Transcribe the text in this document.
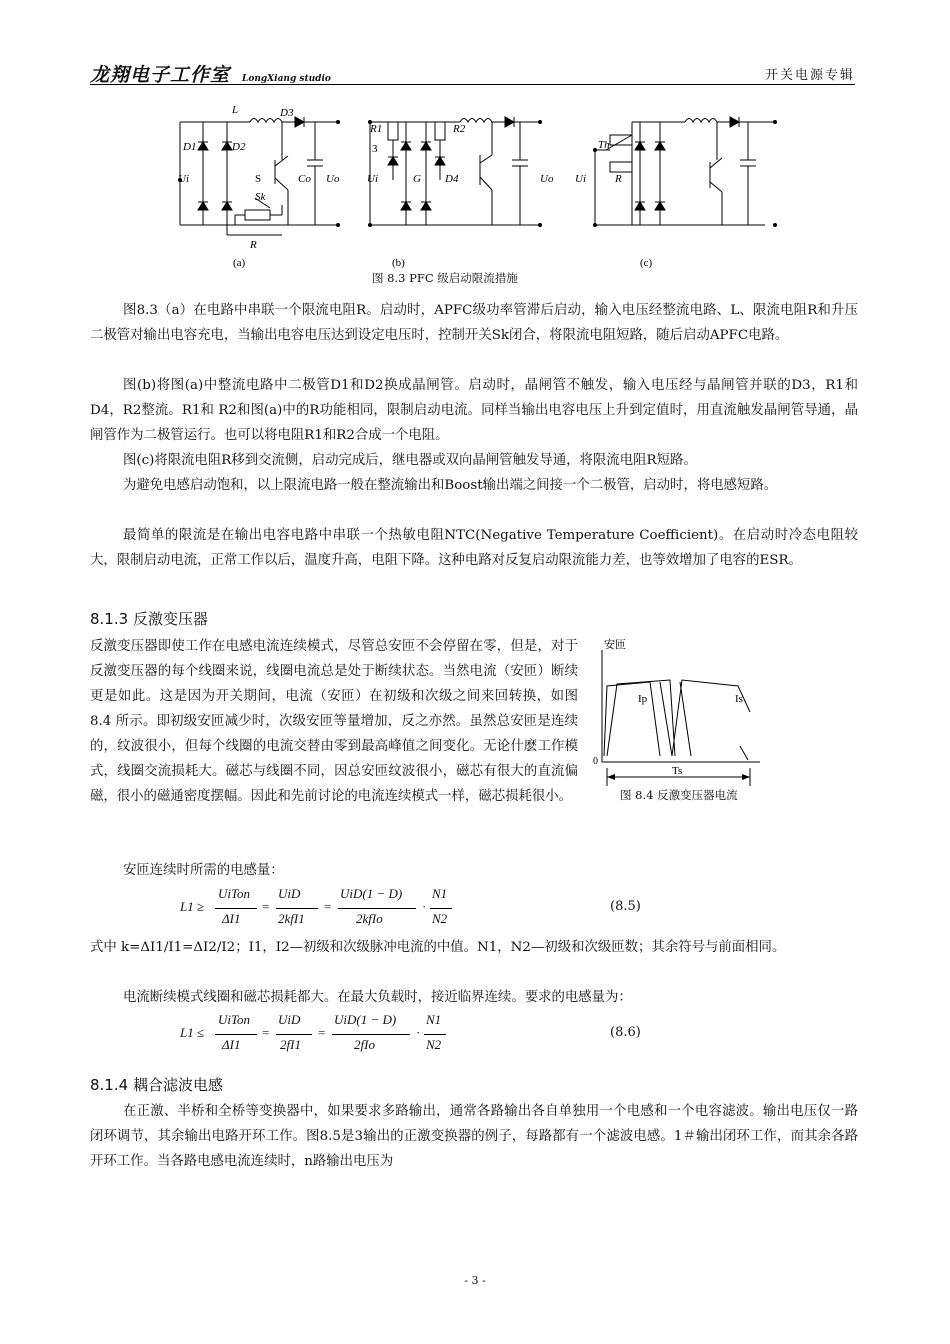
龙翔电子工作室 LongXiang studio	开关电源专辑
L	D3
D1	D2
Ui	S
Sk
Co Uo
R
R1	R2
3
Ui	G D4	Uo
Th
Ui	R
(a)	(b)	(c)
图 8.3 PFC 级启动限流措施
图8.3（a）在电路中串联一个限流电阻R。启动时，APFC级功率管滞后启动，输入电压经整流电路、L、限流电阻R和升压二极管对输出电容充电，当输出电容电压达到设定电压时，控制开关Sk闭合，将限流电阻短路，随后启动APFC电路。
图(b)将图(a)中整流电路中二极管D1和D2换成晶闸管。启动时，晶闸管不触发，输入电压经与晶闸管并联的D3，R1和D4，R2整流。R1和 R2和图(a)中的R功能相同，限制启动电流。同样当输出电容电压上升到定值时，用直流触发晶闸管导通，晶闸管作为二极管运行。也可以将电阻R1和R2合成一个电阻。
图(c)将限流电阻R移到交流侧，启动完成后，继电器或双向晶闸管触发导通，将限流电阻R短路。
为避免电感启动饱和，以上限流电路一般在整流输出和Boost输出端之间接一个二极管，启动时，将电感短路。
最简单的限流是在输出电容电路中串联一个热敏电阻NTC(Negative Temperature Coefficient)。在启动时冷态电阻较大，限制启动电流，正常工作以后，温度升高，电阻下降。这种电路对反复启动限流能力差，也等效增加了电容的ESR。
8.1.3 反激变压器
反激变压器即使工作在电感电流连续模式，尽管总安匝不会停留在零，但是，对于反激变压器的每个线圈来说，线圈电流总是处于断续状态。当然电流（安匝）断续更是如此。这是因为开关期间，电流（安匝）在初级和次级之间来回转换，如图 8.4 所示。即初级安匝减少时，次级安匝等量增加，反之亦然。虽然总安匝是连续的，纹波很小，但每个线圈的电流交替由零到最高峰值之间变化。无论什麽工作模式，线圈交流损耗大。磁芯与线圈不同，因总安匝纹波很小，磁芯有很大的直流偏磁，很小的磁通密度摆幅。因此和先前讨论的电流连续模式一样，磁芯损耗很小。
安匝
Ip	Is
0
Ts
图 8.4 反激变压器电流
安匝连续时所需的电感量：
L1 ≥
UiTon
ΔI1
=
UiD
2kfI1
=
UiD(1 − D)
2kfIo
·
N1
N2
(8.5)
式中 k=ΔI1/I1=ΔI2/I2；I1，I2—初级和次级脉冲电流的中值。N1，N2—初级和次级匝数；其余符号与前面相同。
电流断续模式线圈和磁芯损耗都大。在最大负载时，接近临界连续。要求的电感量为：
L1 ≤
UiTon
ΔI1
=
UiD
2fI1
=
UiD(1 − D)
2fIo
·
N1
N2
(8.6)
8.1.4 耦合滤波电感
在正激、半桥和全桥等变换器中，如果要求多路输出，通常各路输出各自单独用一个电感和一个电容滤波。输出电压仅一路闭环调节，其余输出电路开环工作。图8.5是3输出的正激变换器的例子，每路都有一个滤波电感。1＃输出闭环工作，而其余各路开环工作。当各路电感电流连续时，n路输出电压为
- 3 -
